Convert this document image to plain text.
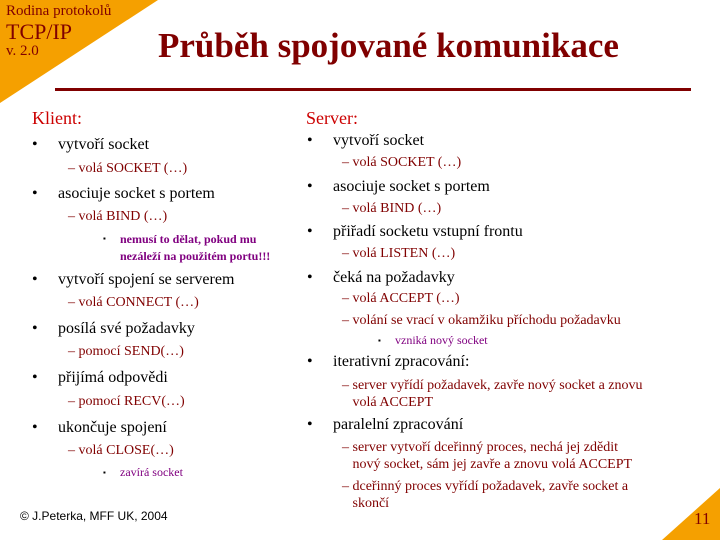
Rodina protokolů
TCP/IP
v. 2.0	Průběh spojované komunikace
Klient:
• vytvoří socket
– volá SOCKET (…)
• asociuje socket s portem
– volá BIND (…)
▪ nemusí to dělat, pokud mu
nezáleží na použitém portu!!!
• vytvoří spojení se serverem
– volá CONNECT (…)
• posílá své požadavky
– pomocí SEND(…)
• přijímá odpovědi
– pomocí RECV(…)
• ukončuje spojení
– volá CLOSE(…)
▪ zavírá socket
Server:
• vytvoří socket
– volá SOCKET (…)
• asociuje socket s portem
– volá BIND (…)
• přiřadí socketu vstupní frontu
– volá LISTEN (…)
• čeká na požadavky
– volá ACCEPT (…)
– volání se vrací v okamžiku příchodu požadavku
▪ vzniká nový socket
• iterativní zpracování:
– server vyřídí požadavek, zavře nový socket a znovu
volá ACCEPT
• paralelní zpracování
– server vytvoří dceřinný proces, nechá jej zdědit
nový socket, sám jej zavře a znovu volá ACCEPT
– dceřinný proces vyřídí požadavek, zavře socket a
skončí
© J.Peterka, MFF UK, 2004	11
